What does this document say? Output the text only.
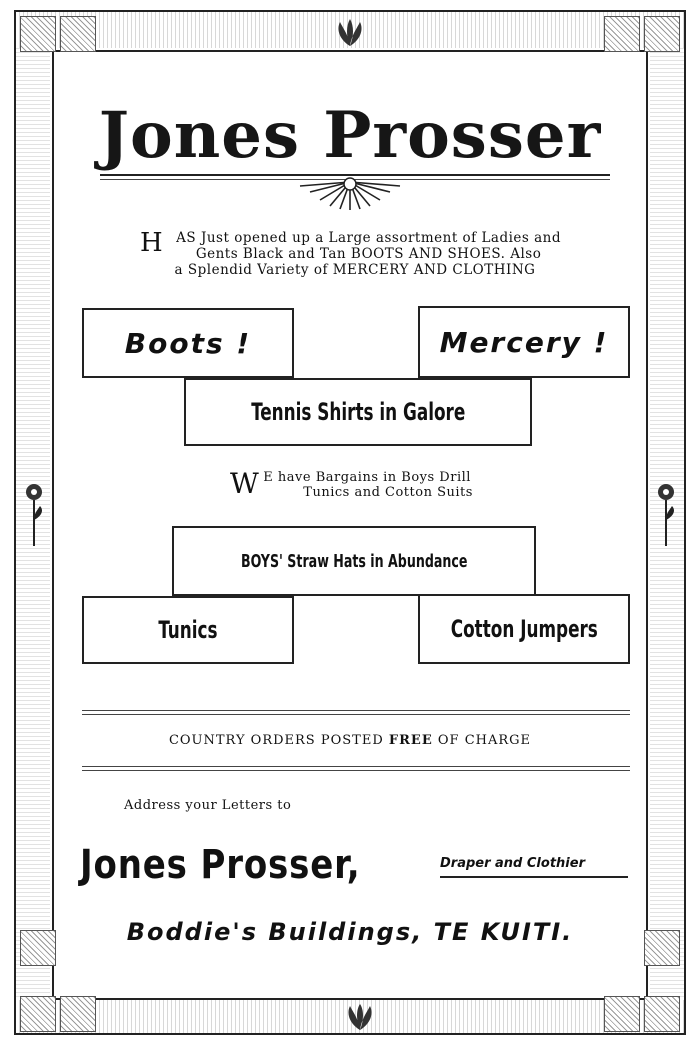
Jones Prosser
H AS Just opened up a Large assortment of Ladies and
Gents Black and Tan BOOTS AND SHOES. Also
a Splendid Variety of MERCERY AND CLOTHING
Boots !	Mercery !
Tennis Shirts in Galore
W E have Bargains in Boys Drill
Tunics and Cotton Suits
BOYS' Straw Hats in Abundance
Tunics	Cotton Jumpers
COUNTRY ORDERS POSTED FREE OF CHARGE
Address your Letters to
Jones Prosser,	Draper and Clothier
Boddie's Buildings, TE KUITI.
